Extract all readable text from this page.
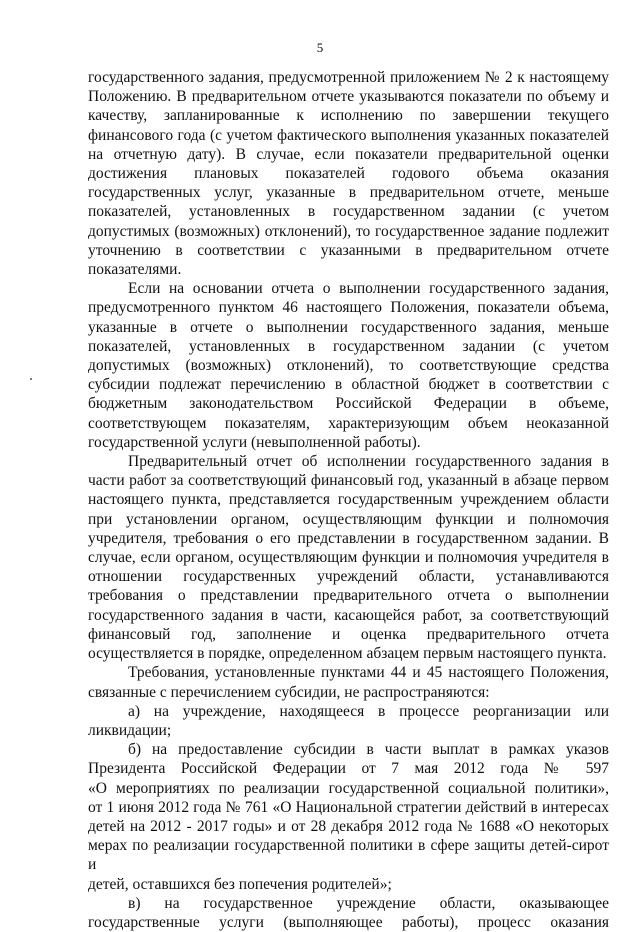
5
государственного задания, предусмотренной приложением № 2 к настоящему
Положению. В предварительном отчете указываются показатели по объему и
качеству, запланированные к исполнению по завершении текущего
финансового года (с учетом фактического выполнения указанных показателей
на отчетную дату). В случае, если показатели предварительной оценки
достижения плановых показателей годового объема оказания
государственных услуг, указанные в предварительном отчете, меньше
показателей, установленных в государственном задании (с учетом
допустимых (возможных) отклонений), то государственное задание подлежит
уточнению в соответствии с указанными в предварительном отчете
показателями.
Если на основании отчета о выполнении государственного задания,
предусмотренного пунктом 46 настоящего Положения, показатели объема,
указанные в отчете о выполнении государственного задания, меньше
показателей, установленных в государственном задании (с учетом
допустимых (возможных) отклонений), то соответствующие средства
субсидии подлежат перечислению в областной бюджет в соответствии с
бюджетным законодательством Российской Федерации в объеме,
соответствующем показателям, характеризующим объем неоказанной
государственной услуги (невыполненной работы).
Предварительный отчет об исполнении государственного задания в
части работ за соответствующий финансовый год, указанный в абзаце первом
настоящего пункта, представляется государственным учреждением области
при установлении органом, осуществляющим функции и полномочия
учредителя, требования о его представлении в государственном задании. В
случае, если органом, осуществляющим функции и полномочия учредителя в
отношении государственных учреждений области, устанавливаются
требования о представлении предварительного отчета о выполнении
государственного задания в части, касающейся работ, за соответствующий
финансовый год, заполнение и оценка предварительного отчета
осуществляется в порядке, определенном абзацем первым настоящего пункта.
Требования, установленные пунктами 44 и 45 настоящего Положения,
связанные с перечислением субсидии, не распространяются:
а) на учреждение, находящееся в процессе реорганизации или
ликвидации;
б) на предоставление субсидии в части выплат в рамках указов
Президента Российской Федерации от 7 мая 2012 года № 597
«О мероприятиях по реализации государственной социальной политики»,
от 1 июня 2012 года № 761 «О Национальной стратегии действий в интересах
детей на 2012 - 2017 годы» и от 28 декабря 2012 года № 1688 «О некоторых
мерах по реализации государственной политики в сфере защиты детей-сирот и
детей, оставшихся без попечения родителей»;
в) на государственное учреждение области, оказывающее
государственные услуги (выполняющее работы), процесс оказания
